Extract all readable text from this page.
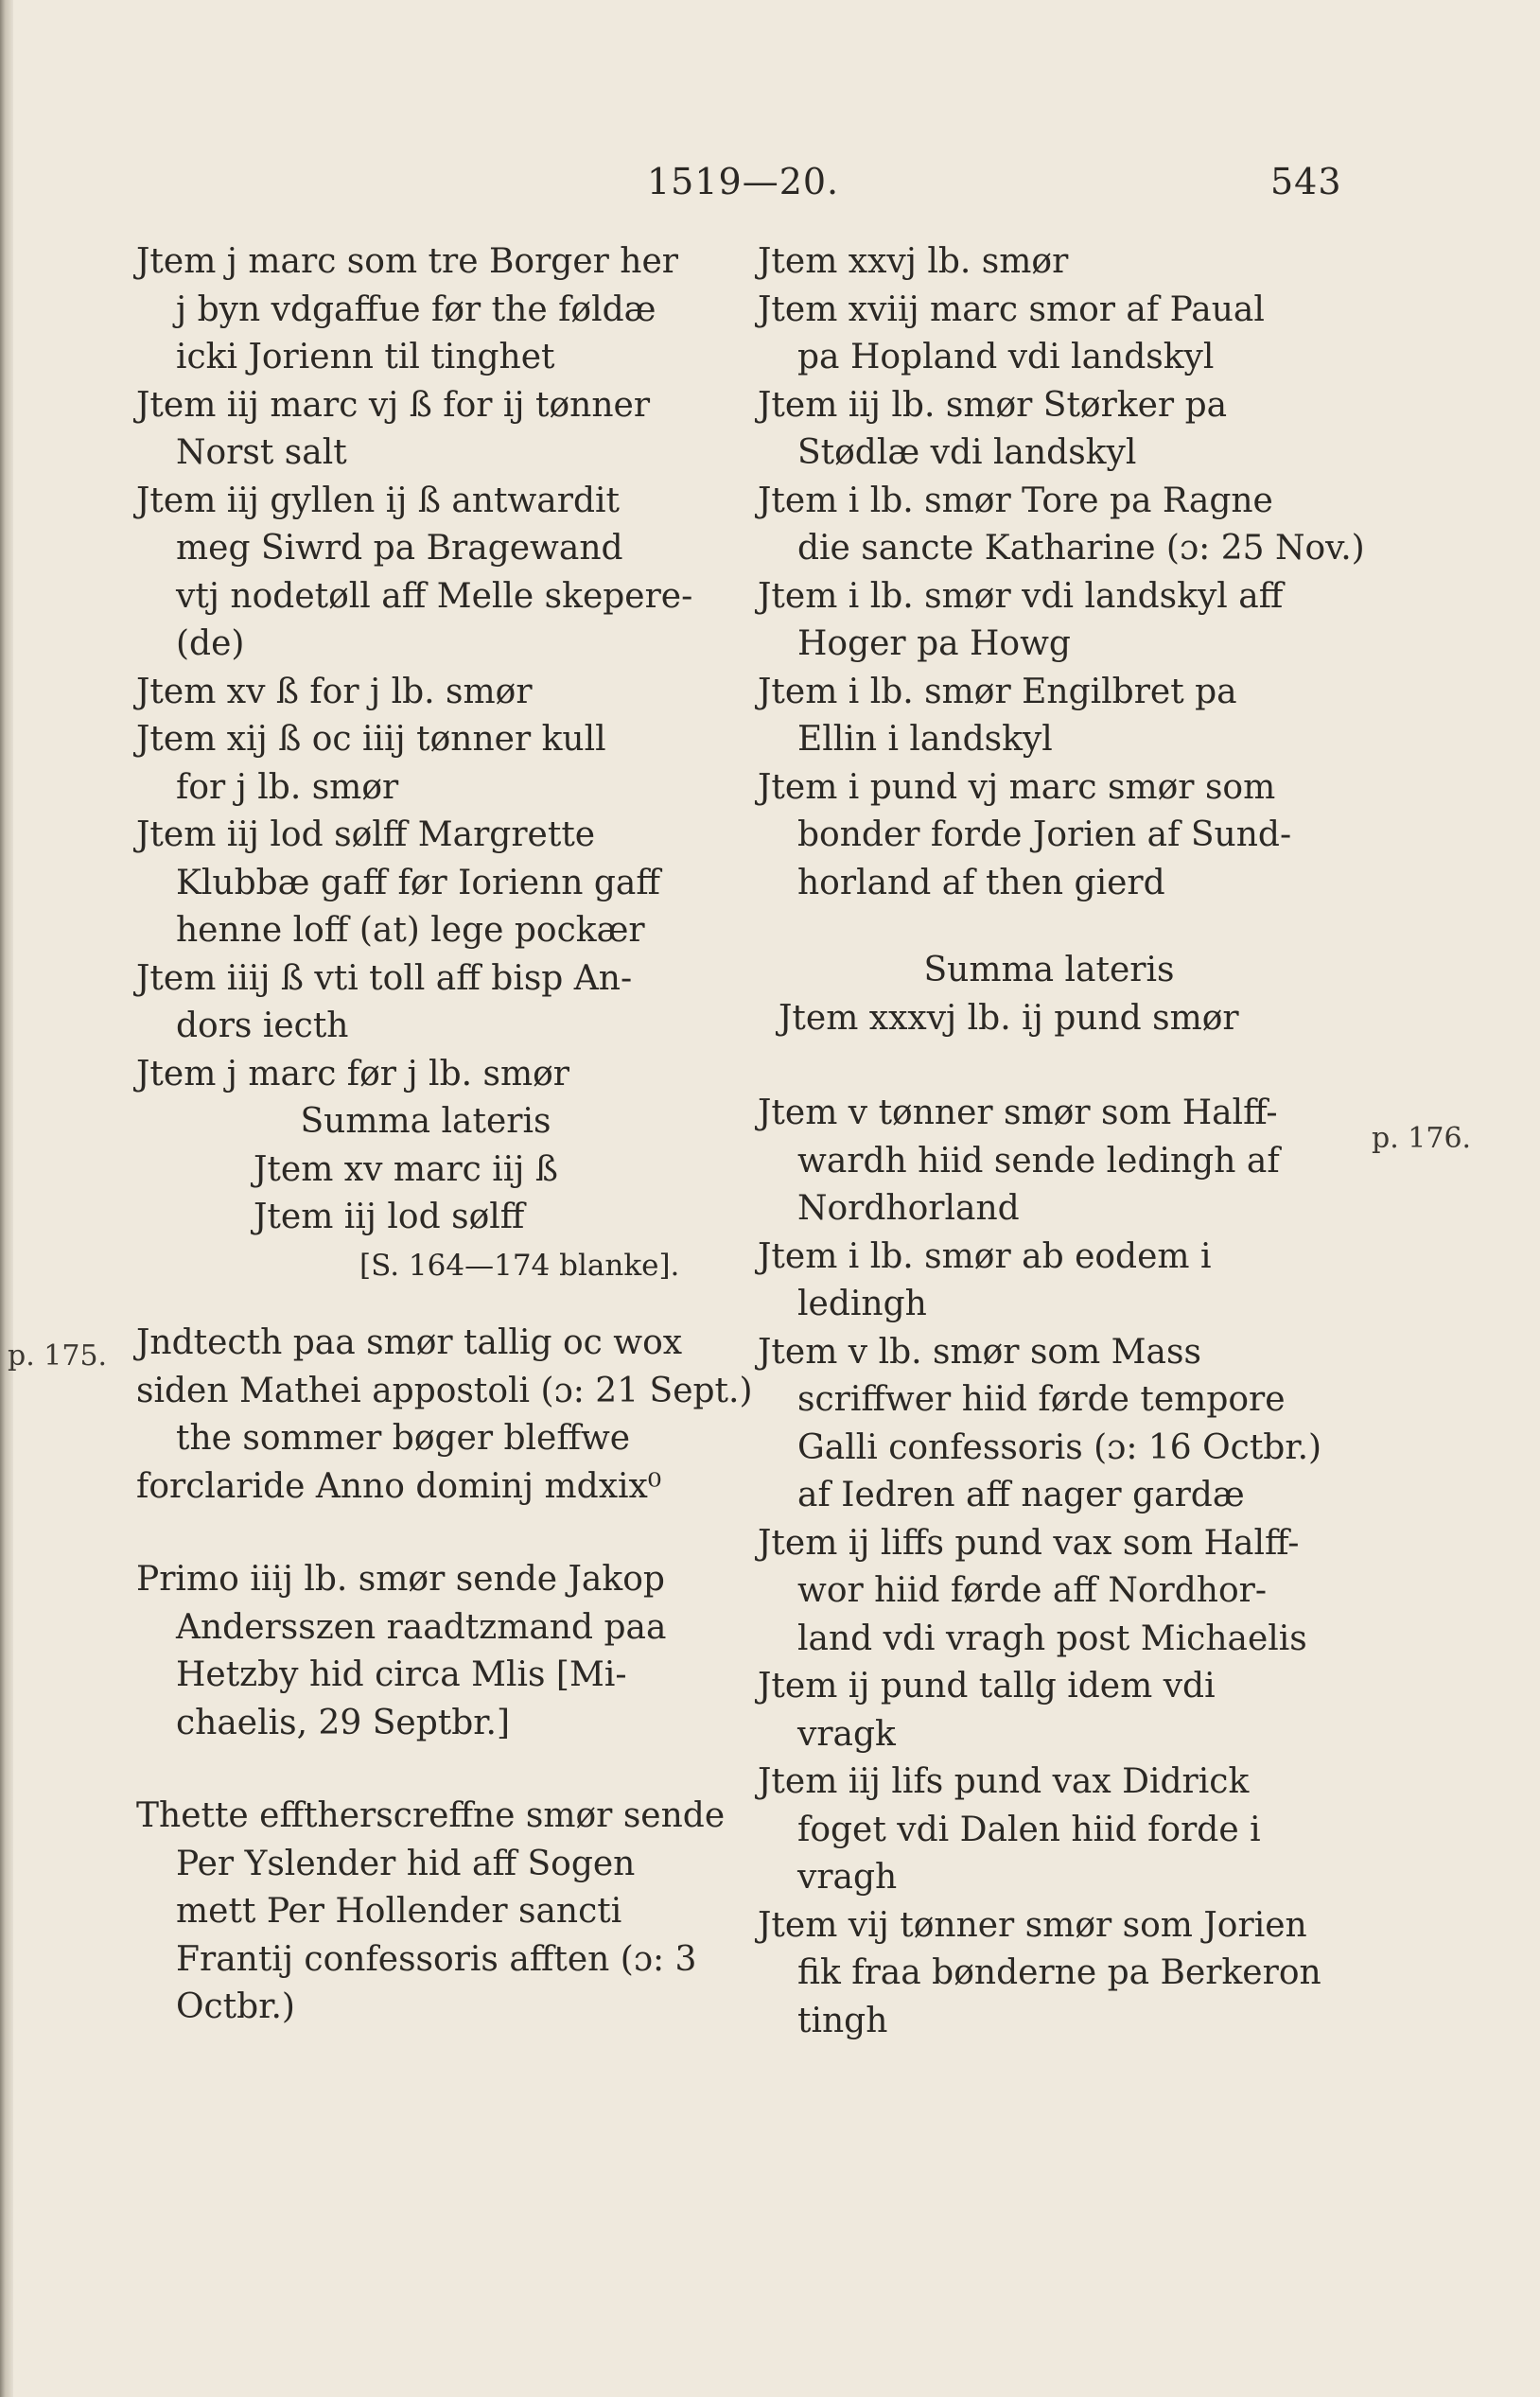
1519—20.	543
p. 175.
p. 176.
Jtem j marc som tre Borger her
j byn vdgaffue før the føldæ
icki Jorienn til tinghet
Jtem iij marc vj ß for ij tønner
Norst salt
Jtem iij gyllen ij ß antwardit
meg Siwrd pa Bragewand
vtj nodetøll aff Melle skepere-
(de)
Jtem xv ß for j lb. smør
Jtem xij ß oc iiij tønner kull
for j lb. smør
Jtem iij lod sølff Margrette
Klubbæ gaff før Iorienn gaff
henne loff (at) lege pockær
Jtem iiij ß vti toll aff bisp An-
dors iecth
Jtem j marc før j lb. smør
Summa lateris
Jtem xv marc iij ß
Jtem iij lod sølff
[S. 164—174 blanke].
Jndtecth paa smør tallig oc wox
siden Mathei appostoli (ɔ: 21 Sept.)
the sommer bøger bleffwe
forclaride Anno dominj mdxix⁰
Primo iiij lb. smør sende Jakop
Andersszen raadtzmand paa
Hetzby hid circa Mlis [Mi-
chaelis, 29 Septbr.]
Thette effthersc​reffne smør sende
Per Yslender hid aff Sogen
mett Per Hollender sancti
Frantij confessoris afften (ɔ: 3
Octbr.)
Jtem xxvj lb. smør
Jtem xviij marc smor af Paual
pa Hopland vdi landskyl
Jtem iij lb. smør Størker pa
Stødlæ vdi landskyl
Jtem i lb. smør Tore pa Ragne
die sancte Katharine (ɔ: 25 Nov.)
Jtem i lb. smør vdi landskyl aff
Hoger pa Howg
Jtem i lb. smør Engilbret pa
Ellin i landskyl
Jtem i pund vj marc smør som
bonder forde Jorien af Sund-
horland af then gierd
Summa lateris
Jtem xxxvj lb. ij pund smør
Jtem v tønner smør som Halff-
wardh hiid sende ledingh af
Nordhorland
Jtem i lb. smør ab eodem i
ledingh
Jtem v lb. smør som Mass
scriffwer hiid førde tempore
Galli confessoris (ɔ: 16 Octbr.)
af Iedren aff nager gardæ
Jtem ij liffs pund vax som Halff-
wor hiid førde aff Nordhor-
land vdi vragh post Michaelis
Jtem ij pund tallg idem vdi
vragk
Jtem iij lifs pund vax Didrick
foget vdi Dalen hiid forde i
vragh
Jtem vij tønner smør som Jorien
fik fraa bønderne pa Berkeron
tingh
